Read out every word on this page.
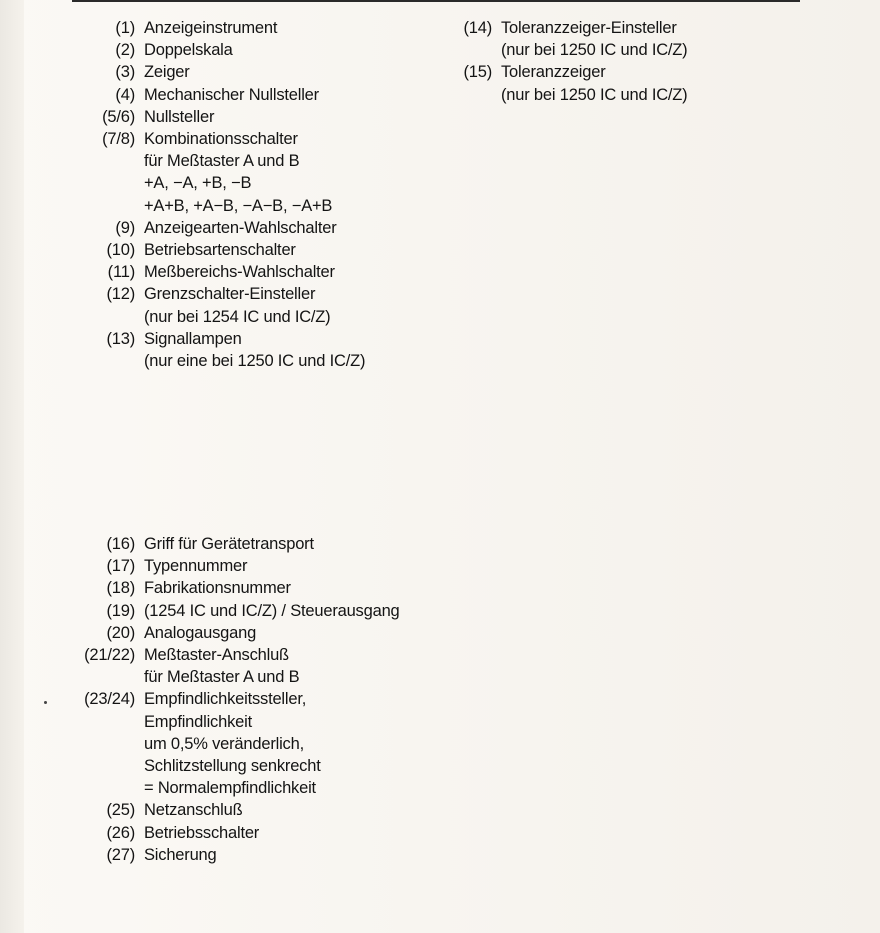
(1) Anzeigeinstrument
(2) Doppelskala
(3) Zeiger
(4) Mechanischer Nullsteller
(5/6) Nullsteller
(7/8) Kombinationsschalter
für Meßtaster A und B
+A, −A, +B, −B
+A+B, +A−B, −A−B, −A+B
(9) Anzeigearten-Wahlschalter
(10) Betriebsartenschalter
(11) Meßbereichs-Wahlschalter
(12) Grenzschalter-Einsteller
(nur bei 1254 IC und IC/Z)
(13) Signallampen
(nur eine bei 1250 IC und IC/Z)
(14) Toleranzzeiger-Einsteller
(nur bei 1250 IC und IC/Z)
(15) Toleranzzeiger
(nur bei 1250 IC und IC/Z)
(16) Griff für Gerätetransport
(17) Typennummer
(18) Fabrikationsnummer
(19) (1254 IC und IC/Z) / Steuerausgang
(20) Analogausgang
(21/22) Meßtaster-Anschluß
für Meßtaster A und B
(23/24) Empfindlichkeitssteller,
Empfindlichkeit
um 0,5% veränderlich,
Schlitzstellung senkrecht
= Normalempfindlichkeit
(25) Netzanschluß
(26) Betriebsschalter
(27) Sicherung
